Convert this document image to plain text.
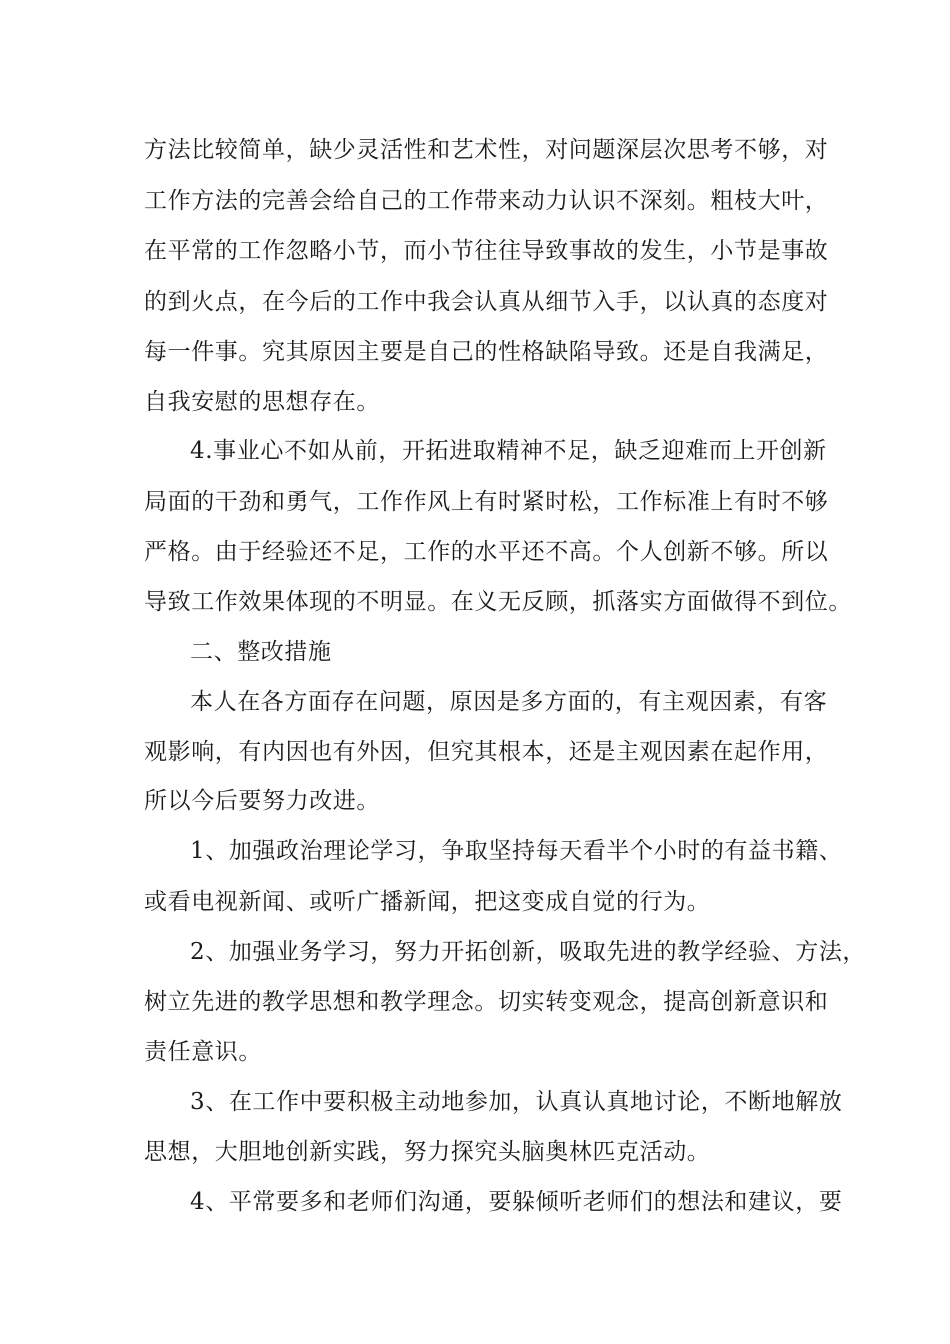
方法比较简单，缺少灵活性和艺术性，对问题深层次思考不够，对
工作方法的完善会给自己的工作带来动力认识不深刻。粗枝大叶，
在平常的工作忽略小节，而小节往往导致事故的发生，小节是事故
的到火点，在今后的工作中我会认真从细节入手，以认真的态度对
每一件事。究其原因主要是自己的性格缺陷导致。还是自我满足，
自我安慰的思想存在。
4.事业心不如从前，开拓进取精神不足，缺乏迎难而上开创新
局面的干劲和勇气，工作作风上有时紧时松，工作标准上有时不够
严格。由于经验还不足，工作的水平还不高。个人创新不够。所以
导致工作效果体现的不明显。在义无反顾，抓落实方面做得不到位。
二、整改措施
本人在各方面存在问题，原因是多方面的，有主观因素，有客
观影响，有内因也有外因，但究其根本，还是主观因素在起作用，
所以今后要努力改进。
1、加强政治理论学习，争取坚持每天看半个小时的有益书籍、
或看电视新闻、或听广播新闻，把这变成自觉的行为。
2、加强业务学习，努力开拓创新，吸取先进的教学经验、方法，
树立先进的教学思想和教学理念。切实转变观念，提高创新意识和
责任意识。
3、在工作中要积极主动地参加，认真认真地讨论，不断地解放
思想，大胆地创新实践，努力探究头脑奥林匹克活动。
4、平常要多和老师们沟通，要躲倾听老师们的想法和建议，要
